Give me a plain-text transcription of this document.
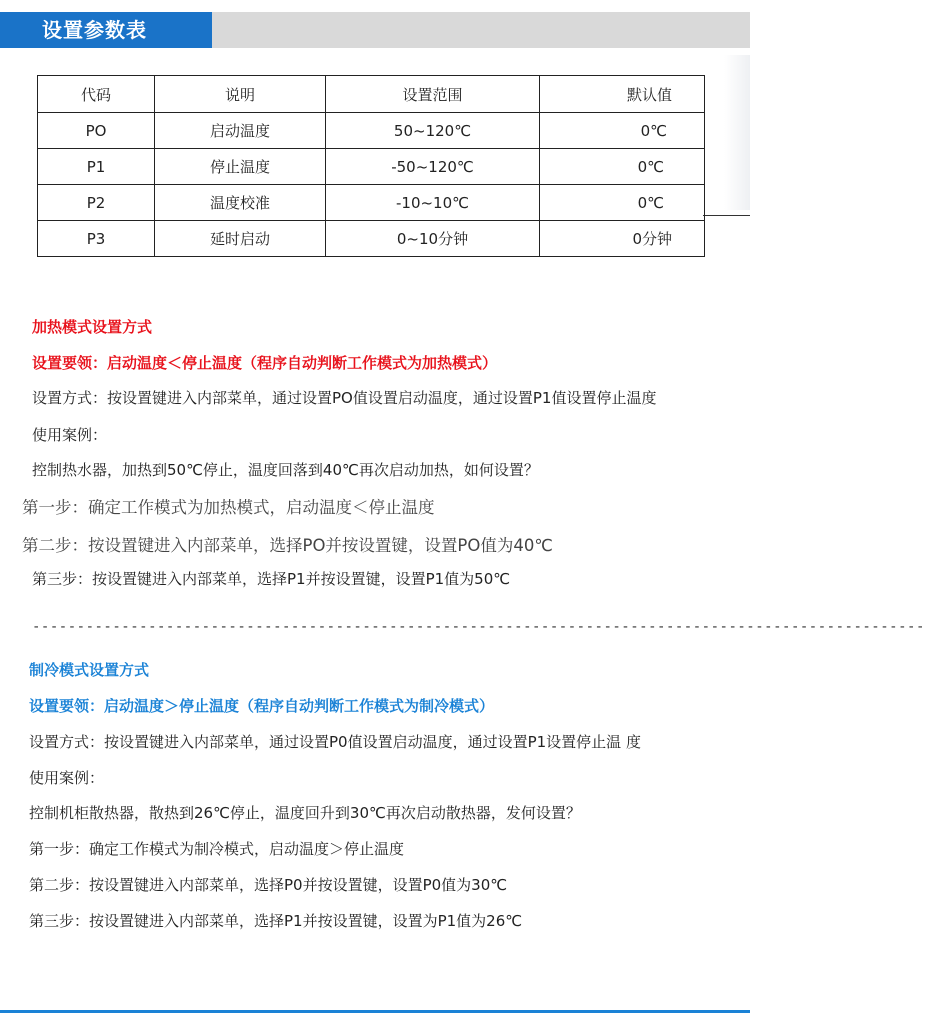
设置参数表
代码	说明	设置范围	默认值
PO	启动温度	50~120℃	0℃
P1	停止温度	-50~120℃	0℃
P2	温度校准	-10~10℃	0℃
P3	延时启动	0~10分钟	0分钟
加热模式设置方式
设置要领：启动温度＜停止温度（程序自动判断工作模式为加热模式）
设置方式：按设置键进入内部菜单，通过设置PO值设置启动温度，通过设置P1值设置停止温度
使用案例：
控制热水器，加热到50℃停止，温度回落到40℃再次启动加热，如何设置？
第一步：确定工作模式为加热模式，启动温度＜停止温度
第二步：按设置键进入内部菜单，选择PO并按设置键，设置PO值为40℃
第三步：按设置键进入内部菜单，选择P1并按设置键，设置P1值为50℃
----------------------------------------------------------------------------------------------------
制冷模式设置方式
设置要领：启动温度＞停止温度（程序自动判断工作模式为制冷模式）
设置方式：按设置键进入内部菜单，通过设置P0值设置启动温度，通过设置P1设置停止温 度
使用案例：
控制机柜散热器，散热到26℃停止，温度回升到30℃再次启动散热器，发何设置？
第一步：确定工作模式为制冷模式，启动温度＞停止温度
第二步：按设置键进入内部菜单，选择P0并按设置键，设置P0值为30℃
第三步：按设置键进入内部菜单，选择P1并按设置键，设置为P1值为26℃
